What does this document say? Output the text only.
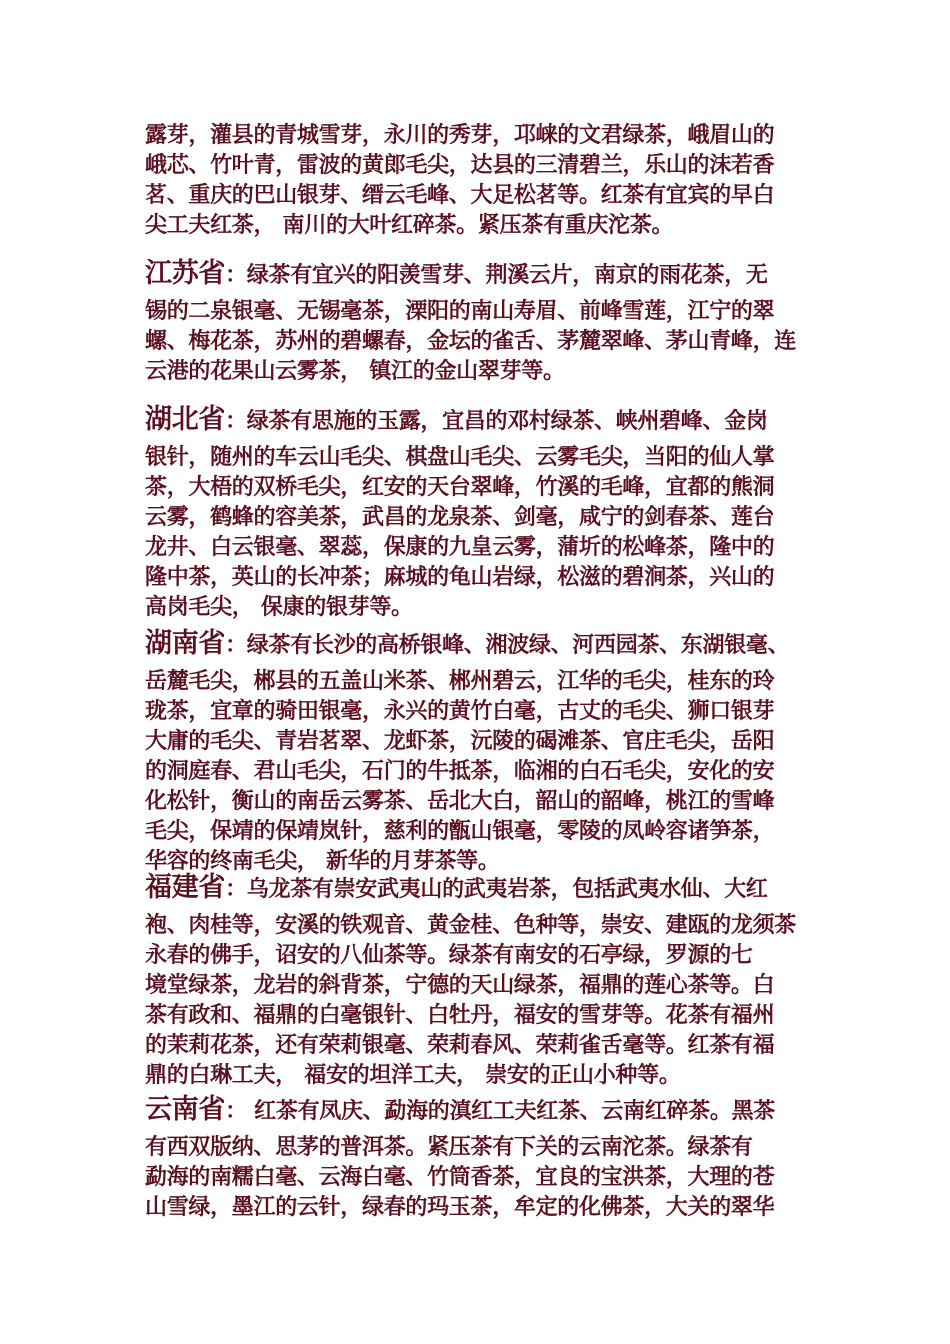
露芽，灌县的青城雪芽，永川的秀芽，邛崃的文君绿茶，峨眉山的
峨芯、竹叶青，雷波的黄郎毛尖，达县的三清碧兰，乐山的沫若香
茗、重庆的巴山银芽、缙云毛峰、大足松茗等。红茶有宜宾的早白
尖工夫红茶， 南川的大叶红碎茶。紧压茶有重庆沱茶。
江苏省：绿茶有宜兴的阳羡雪芽、荆溪云片，南京的雨花茶，无
锡的二泉银毫、无锡毫茶，溧阳的南山寿眉、前峰雪莲，江宁的翠
螺、梅花茶，苏州的碧螺春，金坛的雀舌、茅麓翠峰、茅山青峰，连
云港的花果山云雾茶， 镇江的金山翠芽等。
湖北省：绿茶有思施的玉露，宜昌的邓村绿茶、峡州碧峰、金岗
银针，随州的车云山毛尖、棋盘山毛尖、云雾毛尖，当阳的仙人掌
茶，大梧的双桥毛尖，红安的天台翠峰，竹溪的毛峰，宜都的熊洞
云雾，鹤蜂的容美茶，武昌的龙泉茶、剑毫，咸宁的剑春茶、莲台
龙井、白云银毫、翠蕊，保康的九皇云雾，蒲圻的松峰茶，隆中的
隆中茶，英山的长冲茶；麻城的龟山岩绿，松滋的碧涧茶，兴山的
高岗毛尖， 保康的银芽等。
湖南省：绿茶有长沙的高桥银峰、湘波绿、河西园茶、东湖银毫、
岳麓毛尖，郴县的五盖山米茶、郴州碧云，江华的毛尖，桂东的玲
珑茶，宜章的骑田银毫，永兴的黄竹白毫，古丈的毛尖、狮口银芽
大庸的毛尖、青岩茗翠、龙虾茶，沅陵的碣滩茶、官庄毛尖，岳阳
的洞庭春、君山毛尖，石门的牛抵茶，临湘的白石毛尖，安化的安
化松针，衡山的南岳云雾茶、岳北大白，韶山的韶峰，桃江的雪峰
毛尖，保靖的保靖岚针，慈利的甑山银毫，零陵的凤岭容诸笋茶，
华容的终南毛尖， 新华的月芽茶等。
福建省：乌龙茶有崇安武夷山的武夷岩茶，包括武夷水仙、大红
袍、肉桂等，安溪的铁观音、黄金桂、色种等，崇安、建瓯的龙须茶
永春的佛手，诏安的八仙茶等。绿茶有南安的石亭绿，罗源的七
境堂绿茶，龙岩的斜背茶，宁德的天山绿茶，福鼎的莲心茶等。白
茶有政和、福鼎的白毫银针、白牡丹，福安的雪芽等。花茶有福州
的茉莉花茶，还有荣莉银毫、荣莉春风、荣莉雀舌毫等。红茶有福
鼎的白琳工夫， 福安的坦洋工夫， 崇安的正山小种等。
云南省： 红茶有凤庆、勐海的滇红工夫红茶、云南红碎茶。黑茶
有西双版纳、思茅的普洱茶。紧压茶有下关的云南沱茶。绿茶有
勐海的南糯白毫、云海白毫、竹筒香茶，宜良的宝洪茶，大理的苍
山雪绿，墨江的云针，绿春的玛玉茶，牟定的化佛茶，大关的翠华
